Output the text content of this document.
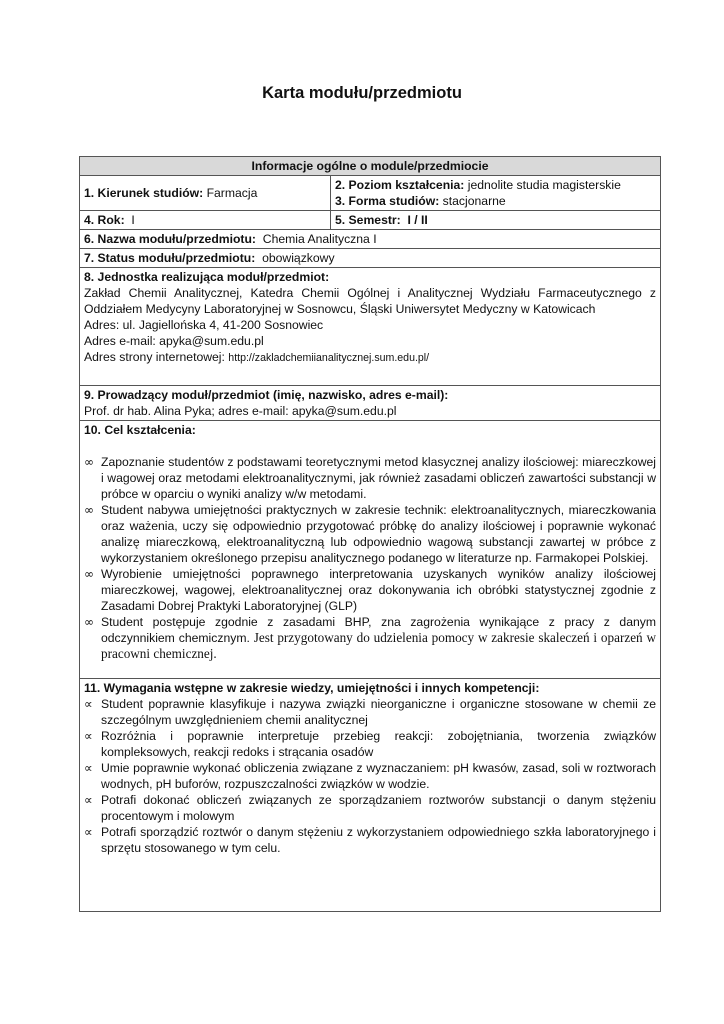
Karta modułu/przedmiotu
Informacje ogólne o module/przedmiocie
1. Kierunek studiów: Farmacja
2. Poziom kształcenia: jednolite studia magisterskie
3. Forma studiów: stacjonarne
4. Rok: I	5. Semestr: I / II
6. Nazwa modułu/przedmiotu: Chemia Analityczna I
7. Status modułu/przedmiotu: obowiązkowy
8. Jednostka realizująca moduł/przedmiot:
Zakład Chemii Analitycznej, Katedra Chemii Ogólnej i Analitycznej Wydziału Farmaceutycznego z Oddziałem Medycyny Laboratoryjnej w Sosnowcu, Śląski Uniwersytet Medyczny w Katowicach
Adres: ul. Jagiellońska 4, 41-200 Sosnowiec
Adres e-mail: apyka@sum.edu.pl
Adres strony internetowej: http://zakladchemiianalitycznej.sum.edu.pl/
9. Prowadzący moduł/przedmiot (imię, nazwisko, adres e-mail):
Prof. dr hab. Alina Pyka; adres e-mail: apyka@sum.edu.pl
10. Cel kształcenia:
∞ Zapoznanie studentów z podstawami teoretycznymi metod klasycznej analizy ilościowej: miareczkowej i wagowej oraz metodami elektroanalitycznymi, jak również zasadami obliczeń zawartości substancji w próbce w oparciu o wyniki analizy w/w metodami.
∞ Student nabywa umiejętności praktycznych w zakresie technik: elektroanalitycznych, miareczkowania oraz ważenia, uczy się odpowiednio przygotować próbkę do analizy ilościowej i poprawnie wykonać analizę miareczkową, elektroanalityczną lub odpowiednio wagową substancji zawartej w próbce z wykorzystaniem określonego przepisu analitycznego podanego w literaturze np. Farmakopei Polskiej.
∞ Wyrobienie umiejętności poprawnego interpretowania uzyskanych wyników analizy ilościowej miareczkowej, wagowej, elektroanalitycznej oraz dokonywania ich obróbki statystycznej zgodnie z Zasadami Dobrej Praktyki Laboratoryjnej (GLP)
∞ Student postępuje zgodnie z zasadami BHP, zna zagrożenia wynikające z pracy z danym odczynnikiem chemicznym. Jest przygotowany do udzielenia pomocy w zakresie skaleczeń i oparzeń w pracowni chemicznej.
11. Wymagania wstępne w zakresie wiedzy, umiejętności i innych kompetencji:
∝ Student poprawnie klasyfikuje i nazywa związki nieorganiczne i organiczne stosowane w chemii ze szczególnym uwzględnieniem chemii analitycznej
∝ Rozróżnia i poprawnie interpretuje przebieg reakcji: zobojętniania, tworzenia związków kompleksowych, reakcji redoks i strącania osadów
∝ Umie poprawnie wykonać obliczenia związane z wyznaczaniem: pH kwasów, zasad, soli w roztworach wodnych, pH buforów, rozpuszczalności związków w wodzie.
∝ Potrafi dokonać obliczeń związanych ze sporządzaniem roztworów substancji o danym stężeniu procentowym i molowym
∝ Potrafi sporządzić roztwór o danym stężeniu z wykorzystaniem odpowiedniego szkła laboratoryjnego i sprzętu stosowanego w tym celu.
